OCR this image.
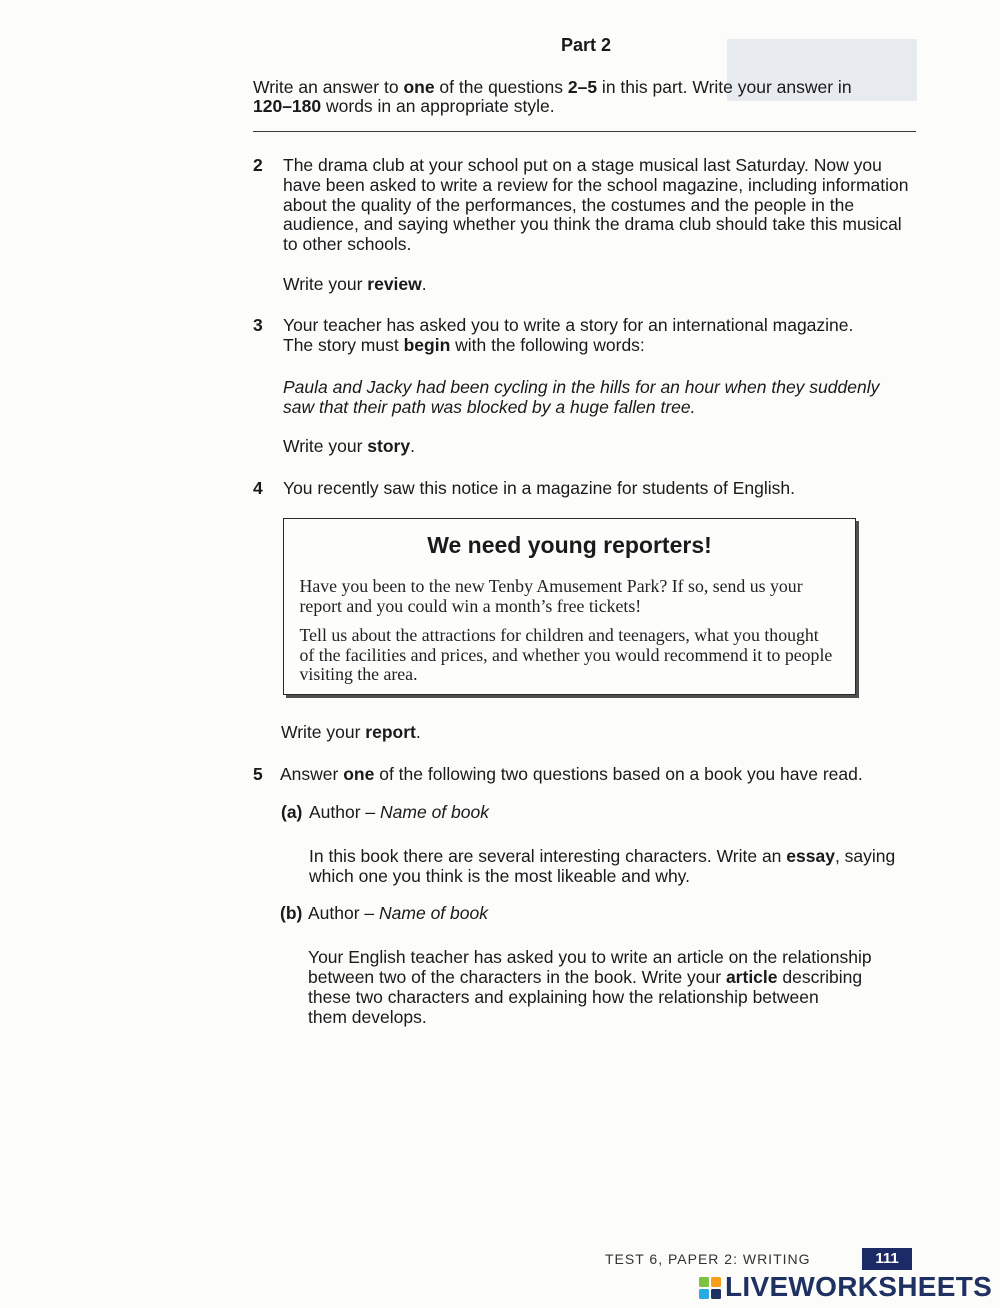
Part 2
Write an answer to one of the questions 2–5 in this part. Write your answer in
120–180 words in an appropriate style.
2 The drama club at your school put on a stage musical last Saturday. Now you
have been asked to write a review for the school magazine, including information
about the quality of the performances, the costumes and the people in the
audience, and saying whether you think the drama club should take this musical
to other schools.
Write your review.
3 Your teacher has asked you to write a story for an international magazine.
The story must begin with the following words:
Paula and Jacky had been cycling in the hills for an hour when they suddenly
saw that their path was blocked by a huge fallen tree.
Write your story.
4 You recently saw this notice in a magazine for students of English.
We need young reporters!
Have you been to the new Tenby Amusement Park? If so, send us your
report and you could win a month’s free tickets!
Tell us about the attractions for children and teenagers, what you thought
of the facilities and prices, and whether you would recommend it to people
visiting the area.
Write your report.
5 Answer one of the following two questions based on a book you have read.
(a) Author – Name of book
In this book there are several interesting characters. Write an essay, saying
which one you think is the most likeable and why.
(b) Author – Name of book
Your English teacher has asked you to write an article on the relationship
between two of the characters in the book. Write your article describing
these two characters and explaining how the relationship between
them develops.
TEST 6, PAPER 2: WRITING	111
LIVEWORKSHEETS
